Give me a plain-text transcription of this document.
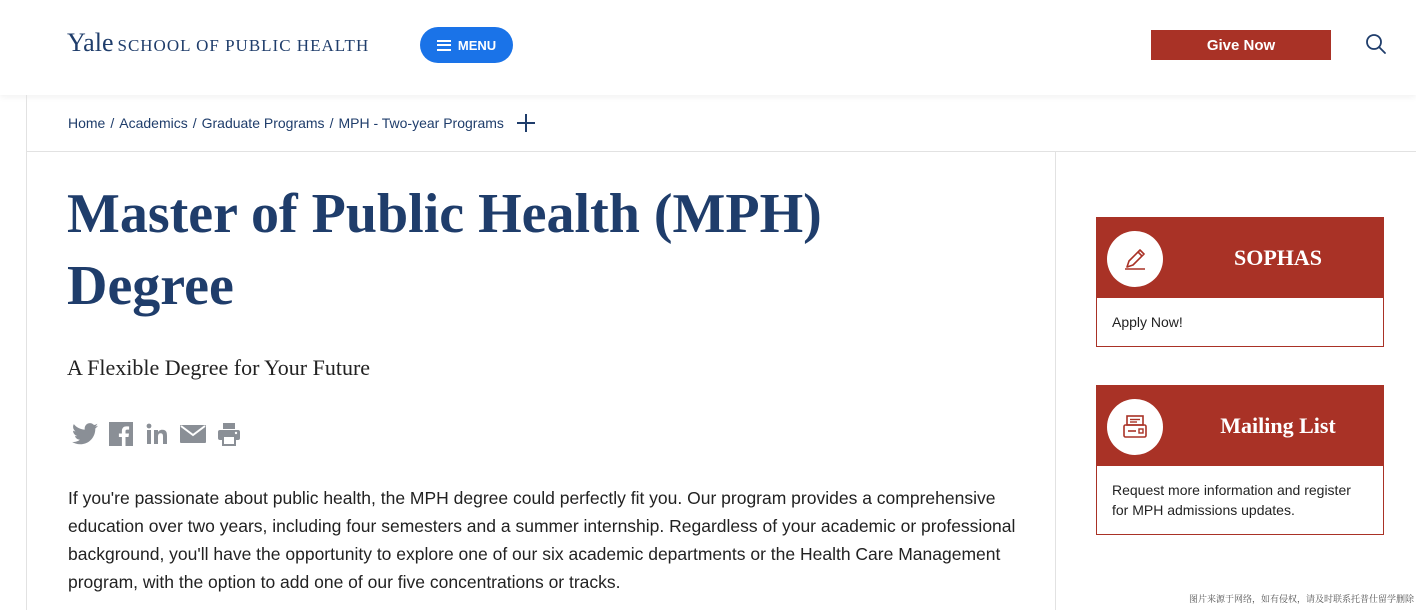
Yale SCHOOL OF PUBLIC HEALTH	MENU	Give Now
Home / Academics / Graduate Programs / MPH - Two-year Programs
Master of Public Health (MPH) Degree
A Flexible Degree for Your Future

If you're passionate about public health, the MPH degree could perfectly fit you. Our program provides a comprehensive education over two years, including four semesters and a summer internship. Regardless of your academic or professional background, you'll have the opportunity to explore one of our six academic departments or the Health Care Management program, with the option to add one of our five concentrations or tracks.

SOPHAS
Apply Now!
Mailing List
Request more information and register for MPH admissions updates.
图片来源于网络，如有侵权，请及时联系托普仕留学删除
